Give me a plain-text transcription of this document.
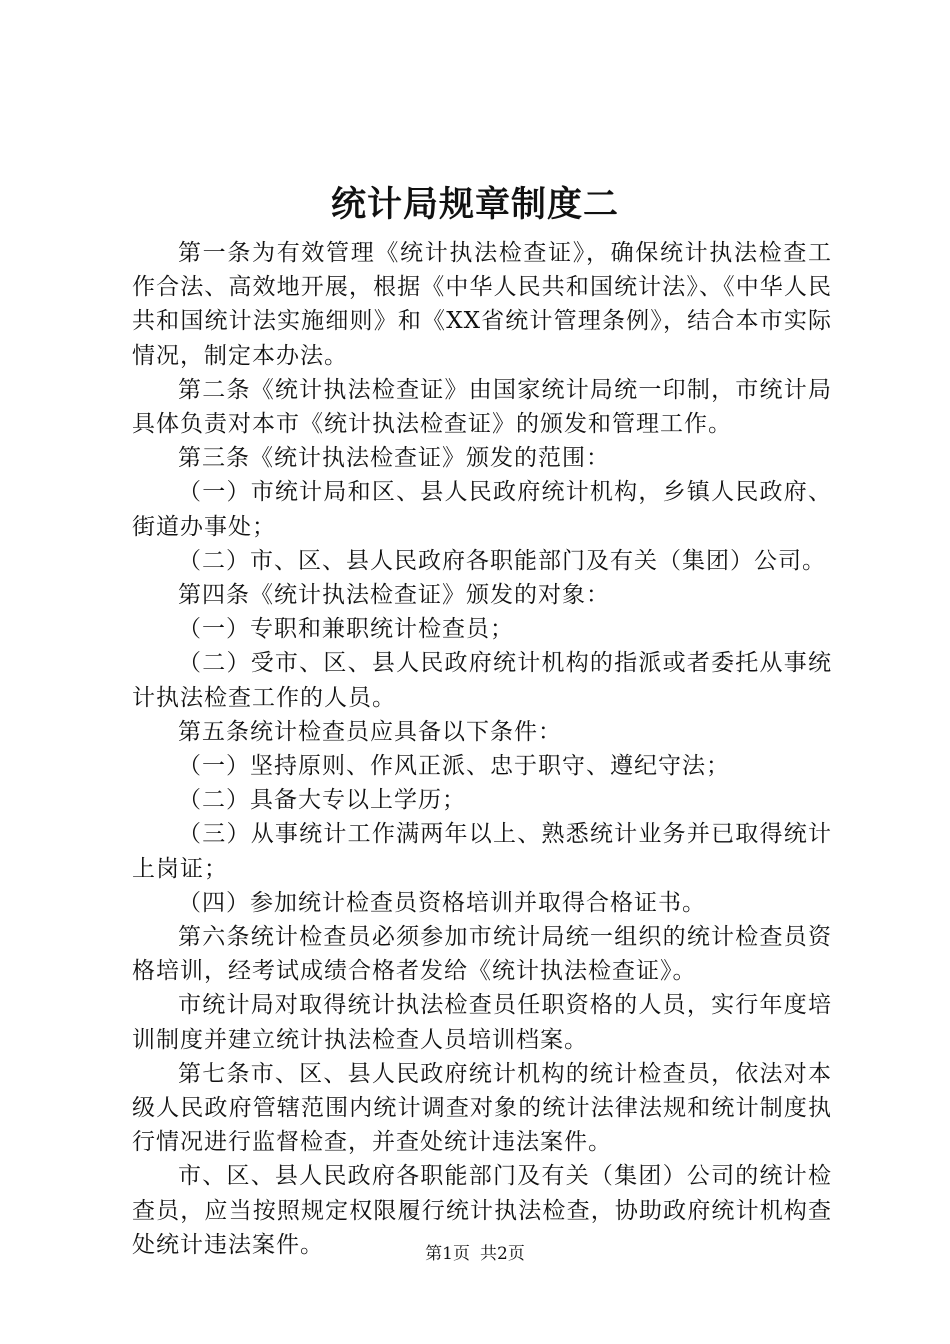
统计局规章制度二

第一条为有效管理《统计执法检查证》，确保统计执法检查工作合法、高效地开展，根据《中华人民共和国统计法》、《中华人民共和国统计法实施细则》和《XX省统计管理条例》，结合本市实际情况，制定本办法。

第二条《统计执法检查证》由国家统计局统一印制，市统计局具体负责对本市《统计执法检查证》的颁发和管理工作。

第三条《统计执法检查证》颁发的范围：

（一）市统计局和区、县人民政府统计机构，乡镇人民政府、街道办事处；

（二）市、区、县人民政府各职能部门及有关（集团）公司。

第四条《统计执法检查证》颁发的对象：

（一）专职和兼职统计检查员；

（二）受市、区、县人民政府统计机构的指派或者委托从事统计执法检查工作的人员。

第五条统计检查员应具备以下条件：

（一）坚持原则、作风正派、忠于职守、遵纪守法；

（二）具备大专以上学历；

（三）从事统计工作满两年以上、熟悉统计业务并已取得统计上岗证；

（四）参加统计检查员资格培训并取得合格证书。

第六条统计检查员必须参加市统计局统一组织的统计检查员资格培训，经考试成绩合格者发给《统计执法检查证》。

市统计局对取得统计执法检查员任职资格的人员，实行年度培训制度并建立统计执法检查人员培训档案。

第七条市、区、县人民政府统计机构的统计检查员，依法对本级人民政府管辖范围内统计调查对象的统计法律法规和统计制度执行情况进行监督检查，并查处统计违法案件。

市、区、县人民政府各职能部门及有关（集团）公司的统计检查员，应当按照规定权限履行统计执法检查，协助政府统计机构查处统计违法案件。	第1页 共2页
